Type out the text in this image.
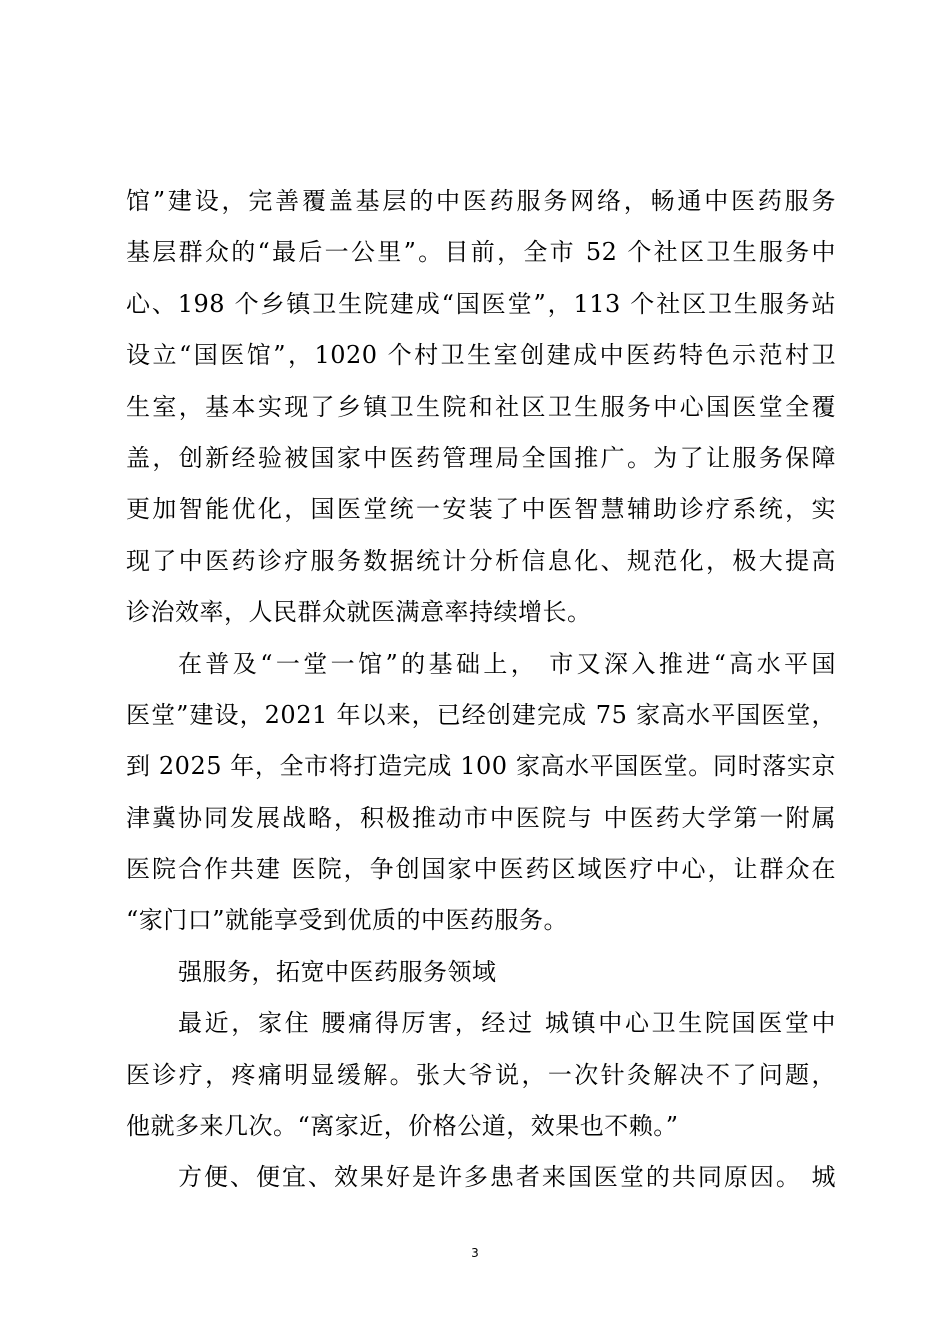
馆”建设，完善覆盖基层的中医药服务网络，畅通中医药服务
基层群众的“最后一公里”。目前，全市 52 个社区卫生服务中
心、198 个乡镇卫生院建成“国医堂”，113 个社区卫生服务站
设立“国医馆”，1020 个村卫生室创建成中医药特色示范村卫
生室，基本实现了乡镇卫生院和社区卫生服务中心国医堂全覆
盖，创新经验被国家中医药管理局全国推广。为了让服务保障
更加智能优化，国医堂统一安装了中医智慧辅助诊疗系统，实
现了中医药诊疗服务数据统计分析信息化、规范化，极大提高
诊治效率，人民群众就医满意率持续增长。
在普及“一堂一馆”的基础上， 市又深入推进“高水平国
医堂”建设，2021 年以来，已经创建完成 75 家高水平国医堂，
到 2025 年，全市将打造完成 100 家高水平国医堂。同时落实京
津冀协同发展战略，积极推动市中医院与 中医药大学第一附属
医院合作共建 医院，争创国家中医药区域医疗中心，让群众在
“家门口”就能享受到优质的中医药服务。
强服务，拓宽中医药服务领域
最近，家住 腰痛得厉害，经过 城镇中心卫生院国医堂中
医诊疗，疼痛明显缓解。张大爷说，一次针灸解决不了问题，
他就多来几次。“离家近，价格公道，效果也不赖。”
方便、便宜、效果好是许多患者来国医堂的共同原因。 城
3
